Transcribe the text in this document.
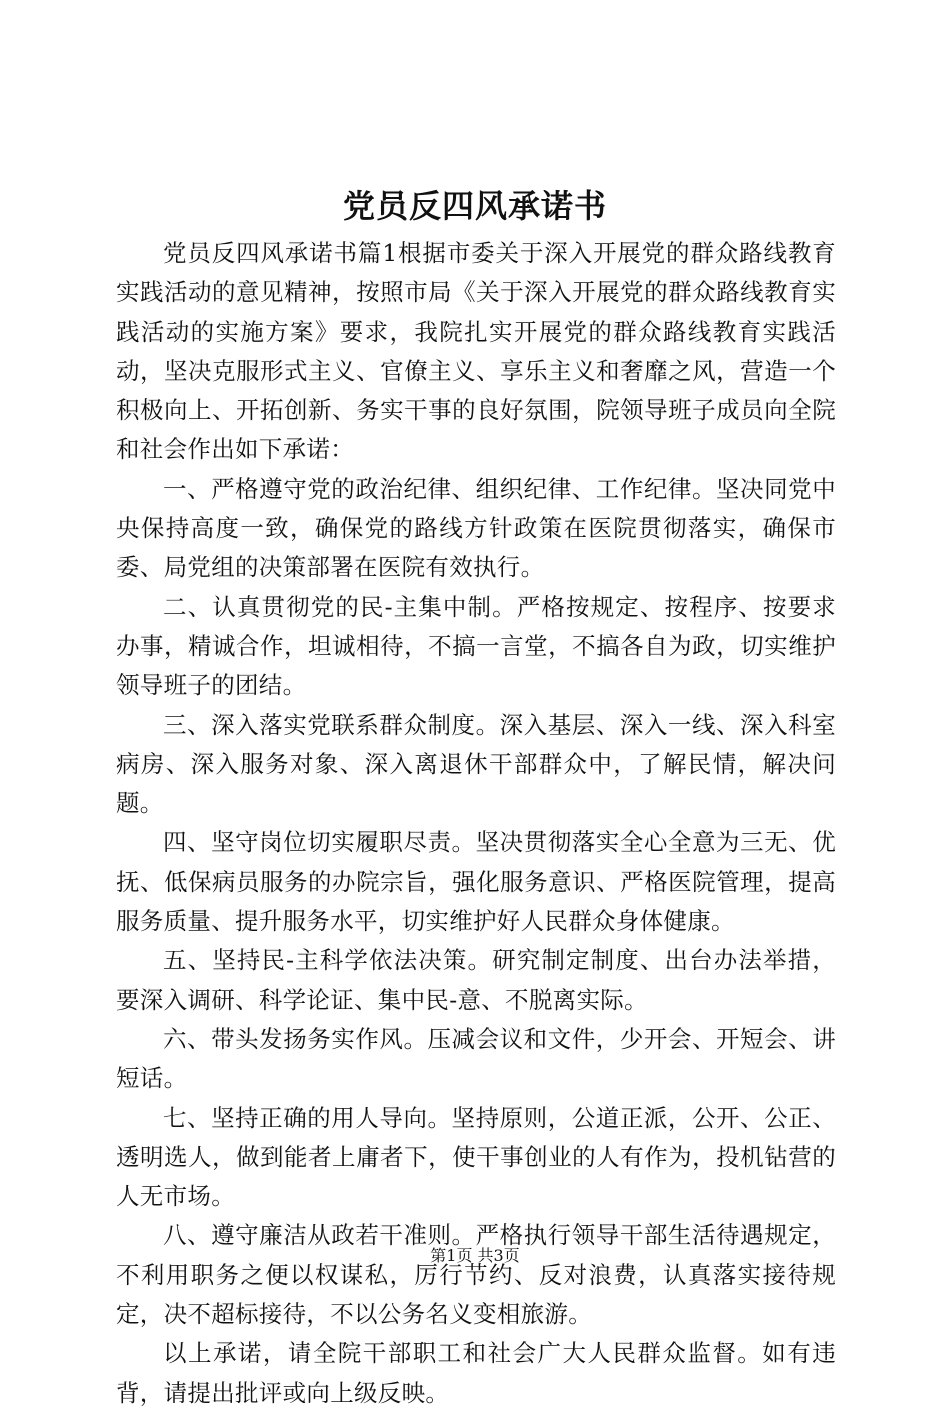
党员反四风承诺书

党员反四风承诺书篇1根据市委关于深入开展党的群众路线教育实践活动的意见精神，按照市局《关于深入开展党的群众路线教育实践活动的实施方案》要求，我院扎实开展党的群众路线教育实践活动，坚决克服形式主义、官僚主义、享乐主义和奢靡之风，营造一个积极向上、开拓创新、务实干事的良好氛围，院领导班子成员向全院和社会作出如下承诺：

一、严格遵守党的政治纪律、组织纪律、工作纪律。坚决同党中央保持高度一致，确保党的路线方针政策在医院贯彻落实，确保市委、局党组的决策部署在医院有效执行。

二、认真贯彻党的民-主集中制。严格按规定、按程序、按要求办事，精诚合作，坦诚相待，不搞一言堂，不搞各自为政，切实维护领导班子的团结。

三、深入落实党联系群众制度。深入基层、深入一线、深入科室病房、深入服务对象、深入离退休干部群众中，了解民情，解决问题。

四、坚守岗位切实履职尽责。坚决贯彻落实全心全意为三无、优抚、低保病员服务的办院宗旨，强化服务意识、严格医院管理，提高服务质量、提升服务水平，切实维护好人民群众身体健康。

五、坚持民-主科学依法决策。研究制定制度、出台办法举措，要深入调研、科学论证、集中民-意、不脱离实际。

六、带头发扬务实作风。压减会议和文件，少开会、开短会、讲短话。

七、坚持正确的用人导向。坚持原则，公道正派，公开、公正、透明选人，做到能者上庸者下，使干事创业的人有作为，投机钻营的人无市场。

八、遵守廉洁从政若干准则。严格执行领导干部生活待遇规定，不利用职务之便以权谋私，厉行节约、反对浪费，认真落实接待规定，决不超标接待，不以公务名义变相旅游。

以上承诺，请全院干部职工和社会广大人民群众监督。如有违背，请提出批评或向上级反映。

第1页 共3页
